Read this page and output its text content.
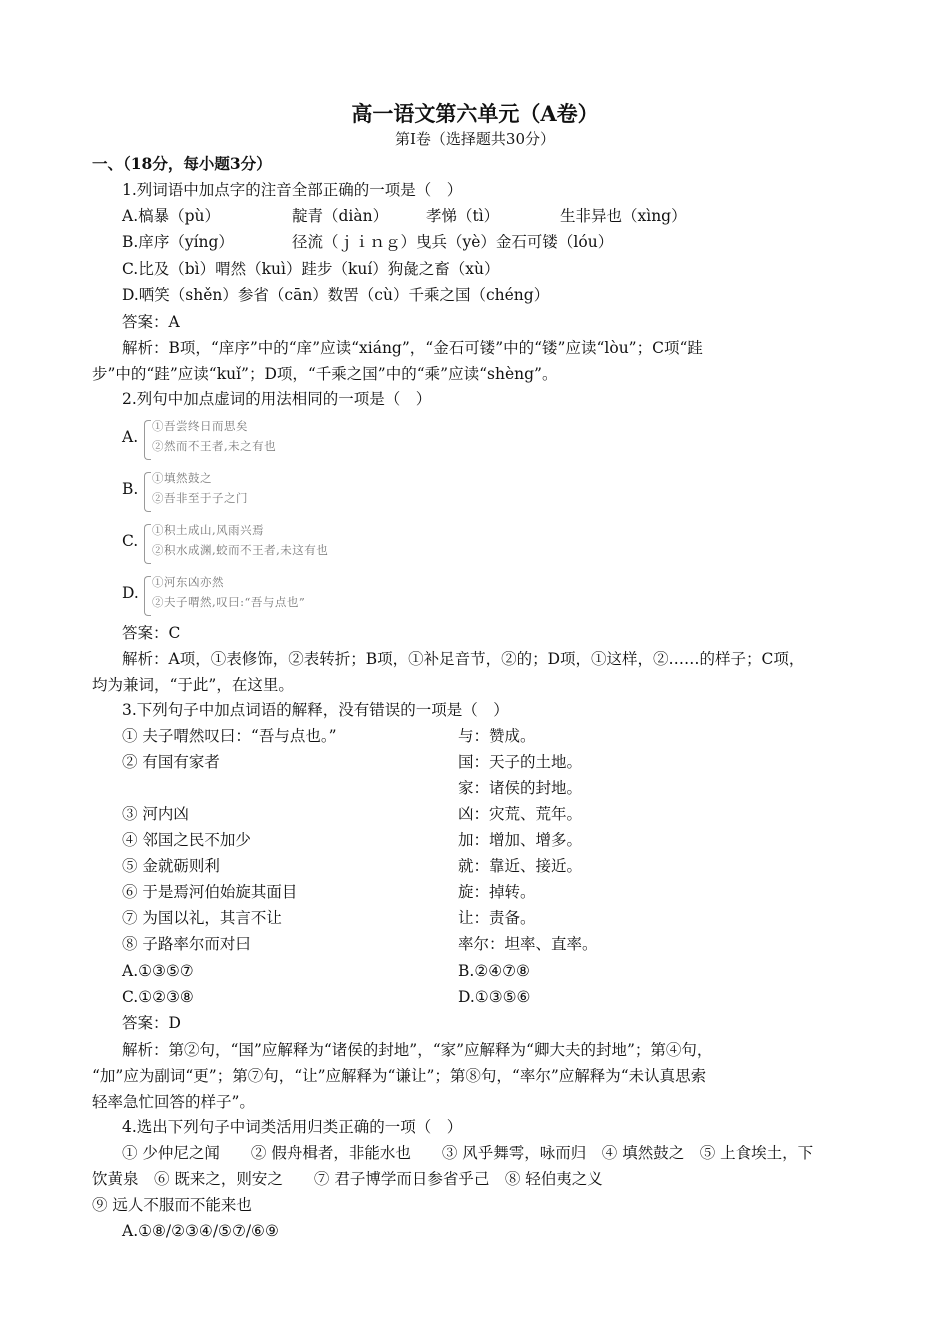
高一语文第六单元（A卷）
第Ⅰ卷（选择题共30分）
一、（18分，每小题3分）
1.列词语中加点字的注音全部正确的一项是（　）
A.槁暴（pù）	靛青（diàn） 孝悌（tì）	生非异也（xìng）
B.庠序（yíng）	径流（ｊｉｎｇ）曳兵（yè）金石可镂（lóu）
C.比及（bì）喟然（kuì）跬步（kuí）狗彘之畜（xù）
D.哂笑（shěn）参省（cān）数罟（cù）千乘之国（chéng）
答案：A
解析：B项，“庠序”中的“庠”应读“xiáng”，“金石可镂”中的“镂”应读“lòu”；C项“跬
步”中的“跬”应读“kuǐ”；D项，“千乘之国”中的“乘”应读“shèng”。
2.列句中加点虚词的用法相同的一项是（　）
A.
①吾尝终日而思矣
②然而不王者,未之有也
B.
①填然鼓之
②吾非至于子之门
C.
①积土成山,风雨兴焉
②积水成渊,蛟而不王者,未这有也
D.
①河东凶亦然
②夫子喟然,叹曰:“吾与点也”
答案：C
解析：A项，①表修饰，②表转折；B项，①补足音节，②的；D项，①这样，②……的样子；C项，
均为兼词，“于此”，在这里。
3.下列句子中加点词语的解释，没有错误的一项是（　）
① 夫子喟然叹曰：“吾与点也。”	与：赞成。
② 有国有家者	国：天子的土地。
家：诸侯的封地。
③ 河内凶	凶：灾荒、荒年。
④ 邻国之民不加少	加：增加、增多。
⑤ 金就砺则利	就：靠近、接近。
⑥ 于是焉河伯始旋其面目	旋：掉转。
⑦ 为国以礼，其言不让	让：责备。
⑧ 子路率尔而对曰	率尔：坦率、直率。
A.①③⑤⑦	B.②④⑦⑧
C.①②③⑧	D.①③⑤⑥
答案：D
解析：第②句，“国”应解释为“诸侯的封地”，“家”应解释为“卿大夫的封地”；第④句，
“加”应为副词“更”；第⑦句，“让”应解释为“谦让”；第⑧句，“率尔”应解释为“未认真思索
轻率急忙回答的样子”。
4.选出下列句子中词类活用归类正确的一项（　）
① 少仲尼之闻　　② 假舟楫者，非能水也　　③ 风乎舞雩，咏而归　④ 填然鼓之　⑤ 上食埃土，下
饮黄泉　⑥ 既来之，则安之　　⑦ 君子博学而日参省乎己　⑧ 轻伯夷之义
⑨ 远人不服而不能来也
A.①⑧/②③④/⑤⑦/⑥⑨
